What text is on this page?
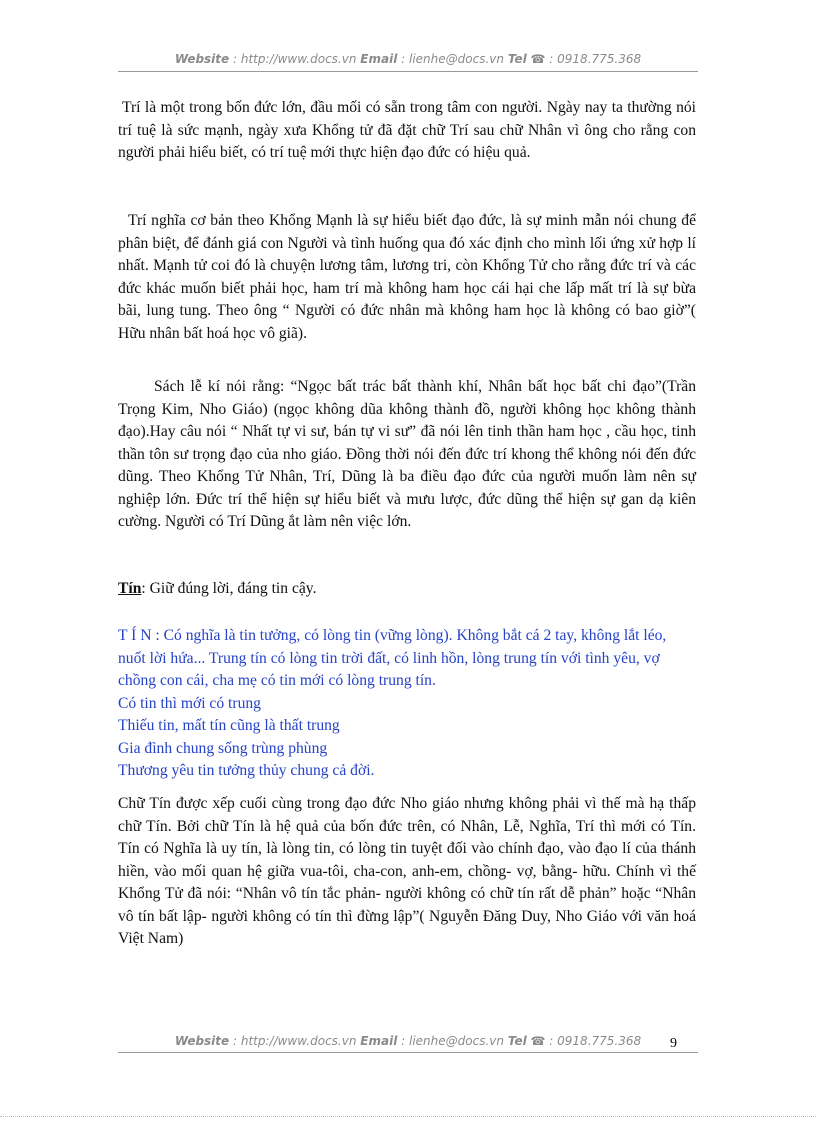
Website : http://www.docs.vn Email : lienhe@docs.vn Tel ☎ : 0918.775.368

Trí là một trong bốn đức lớn, đầu mối có sẵn trong tâm con người. Ngày nay ta thường nói trí tuệ là sức mạnh, ngày xưa Khổng tử đã đặt chữ Trí sau chữ Nhân vì ông cho rằng con người phải hiểu biết, có trí tuệ mới thực hiện đạo đức có hiệu quả.

Trí nghĩa cơ bản theo Khổng Mạnh là sự hiểu biết đạo đức, là sự minh mẫn nói chung để phân biệt, để đánh giá con Người và tình huống qua đó xác định cho mình lối ứng xử hợp lí nhất. Mạnh tử coi đó là chuyện lương tâm, lương tri, còn Khổng Tử cho rằng đức trí và các đức khác muốn biết phải học, ham trí mà không ham học cái hại che lấp mất trí là sự bừa bãi, lung tung. Theo ông “ Người có đức nhân mà không ham học là không có bao giờ”( Hữu nhân bất hoá học vô giã).

Sách lễ kí nói rằng: “Ngọc bất trác bất thành khí, Nhân bất học bất chi đạo”(Trần Trọng Kim, Nho Giáo) (ngọc không dũa không thành đồ, người không học không thành đạo).Hay câu nói “ Nhất tự vi sư, bán tự vi sư” đã nói lên tinh thần ham học , cầu học, tinh thần tôn sư trọng đạo của nho giáo. Đồng thời nói đến đức trí khong thể không nói đến đức dũng. Theo Khổng Tử Nhân, Trí, Dũng là ba điều đạo đức của người muốn làm nên sự nghiệp lớn. Đức trí thể hiện sự hiểu biết và mưu lược, đức dũng thể hiện sự gan dạ kiên cường. Người có Trí Dũng ắt làm nên việc lớn.

Tín: Giữ đúng lời, đáng tin cậy.

T Í N : Có nghĩa là tin tưởng, có lòng tin (vững lòng). Không bắt cá 2 tay, không lắt léo, nuốt lời hứa... Trung tín có lòng tin trời đất, có linh hồn, lòng trung tín với tình yêu, vợ chồng con cái, cha mẹ có tin mới có lòng trung tín.

Có tin thì mới có trung

Thiếu tin, mất tín cũng là thất trung

Gia đình chung sống trùng phùng

Thương yêu tin tưởng thủy chung cả đời.

Chữ Tín được xếp cuối cùng trong đạo đức Nho giáo nhưng không phải vì thế mà hạ thấp chữ Tín. Bởi chữ Tín là hệ quả của bốn đức trên, có Nhân, Lễ, Nghĩa, Trí thì mới có Tín. Tín có Nghĩa là uy tín, là lòng tin, có lòng tin tuyệt đối vào chính đạo, vào đạo lí của thánh hiền, vào mối quan hệ giữa vua-tôi, cha-con, anh-em, chồng- vợ, bằng- hữu. Chính vì thế Khổng Tử đã nói: “Nhân vô tín tắc phản- người không có chữ tín rất dễ phản” hoặc “Nhân vô tín bất lập- người không có tín thì đừng lập”( Nguyễn Đăng Duy, Nho Giáo với văn hoá Việt Nam)

Website : http://www.docs.vn Email : lienhe@docs.vn Tel ☎ : 0918.775.368	9
